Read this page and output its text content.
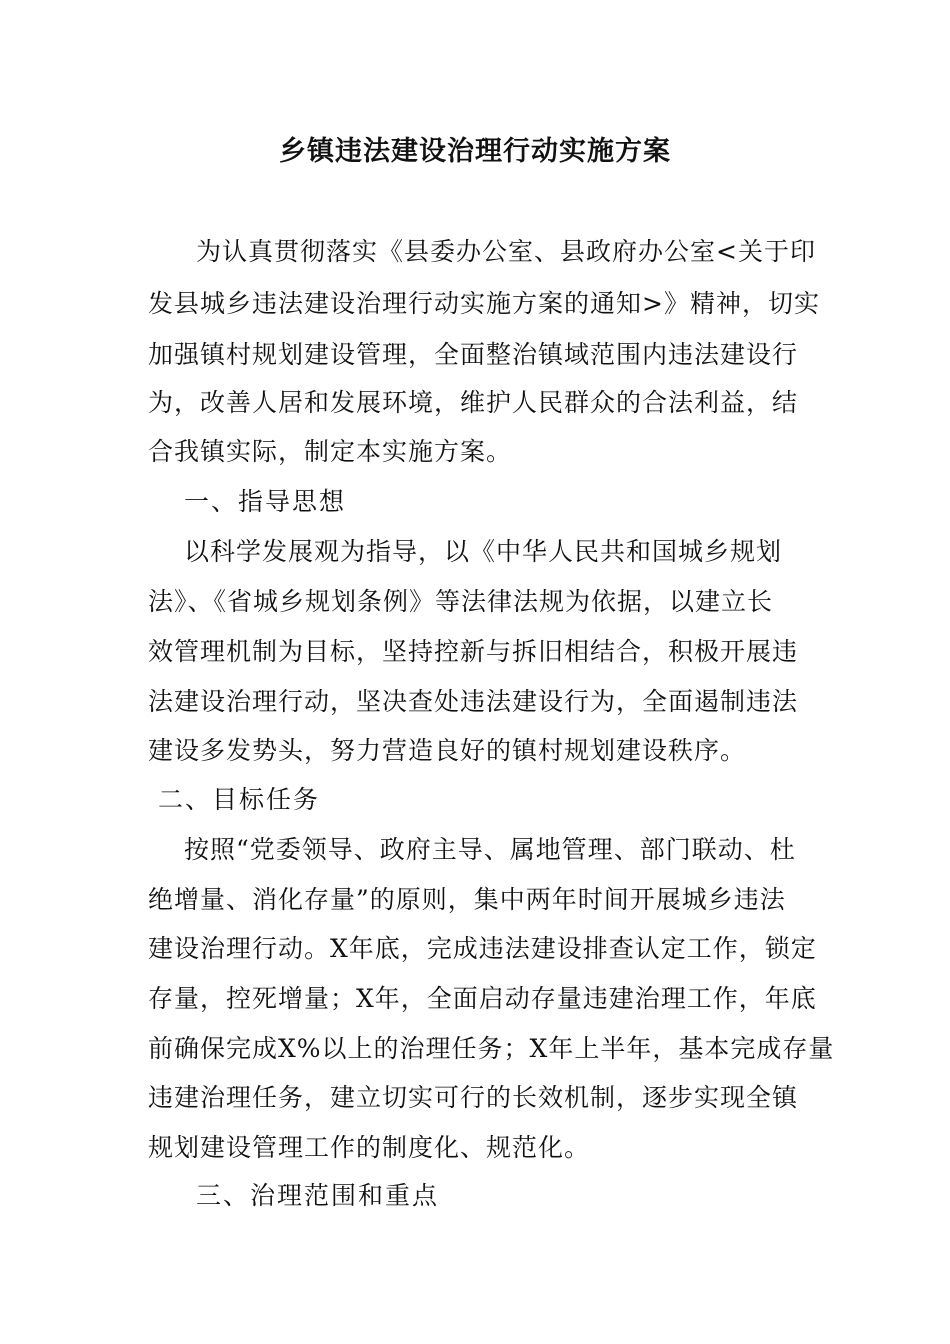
乡镇违法建设治理行动实施方案
为认真贯彻落实《县委办公室、县政府办公室<关于印
发县城乡违法建设治理行动实施方案的通知>》精神，切实
加强镇村规划建设管理，全面整治镇域范围内违法建设行
为，改善人居和发展环境，维护人民群众的合法利益，结
合我镇实际，制定本实施方案。
一、指导思想
以科学发展观为指导，以《中华人民共和国城乡规划
法》、《省城乡规划条例》等法律法规为依据，以建立长
效管理机制为目标，坚持控新与拆旧相结合，积极开展违
法建设治理行动，坚决查处违法建设行为，全面遏制违法
建设多发势头，努力营造良好的镇村规划建设秩序。
二、目标任务
按照“党委领导、政府主导、属地管理、部门联动、杜
绝增量、消化存量”的原则，集中两年时间开展城乡违法
建设治理行动。X年底，完成违法建设排查认定工作，锁定
存量，控死增量；X年，全面启动存量违建治理工作，年底
前确保完成X%以上的治理任务；X年上半年，基本完成存量
违建治理任务，建立切实可行的长效机制，逐步实现全镇
规划建设管理工作的制度化、规范化。
三、治理范围和重点
